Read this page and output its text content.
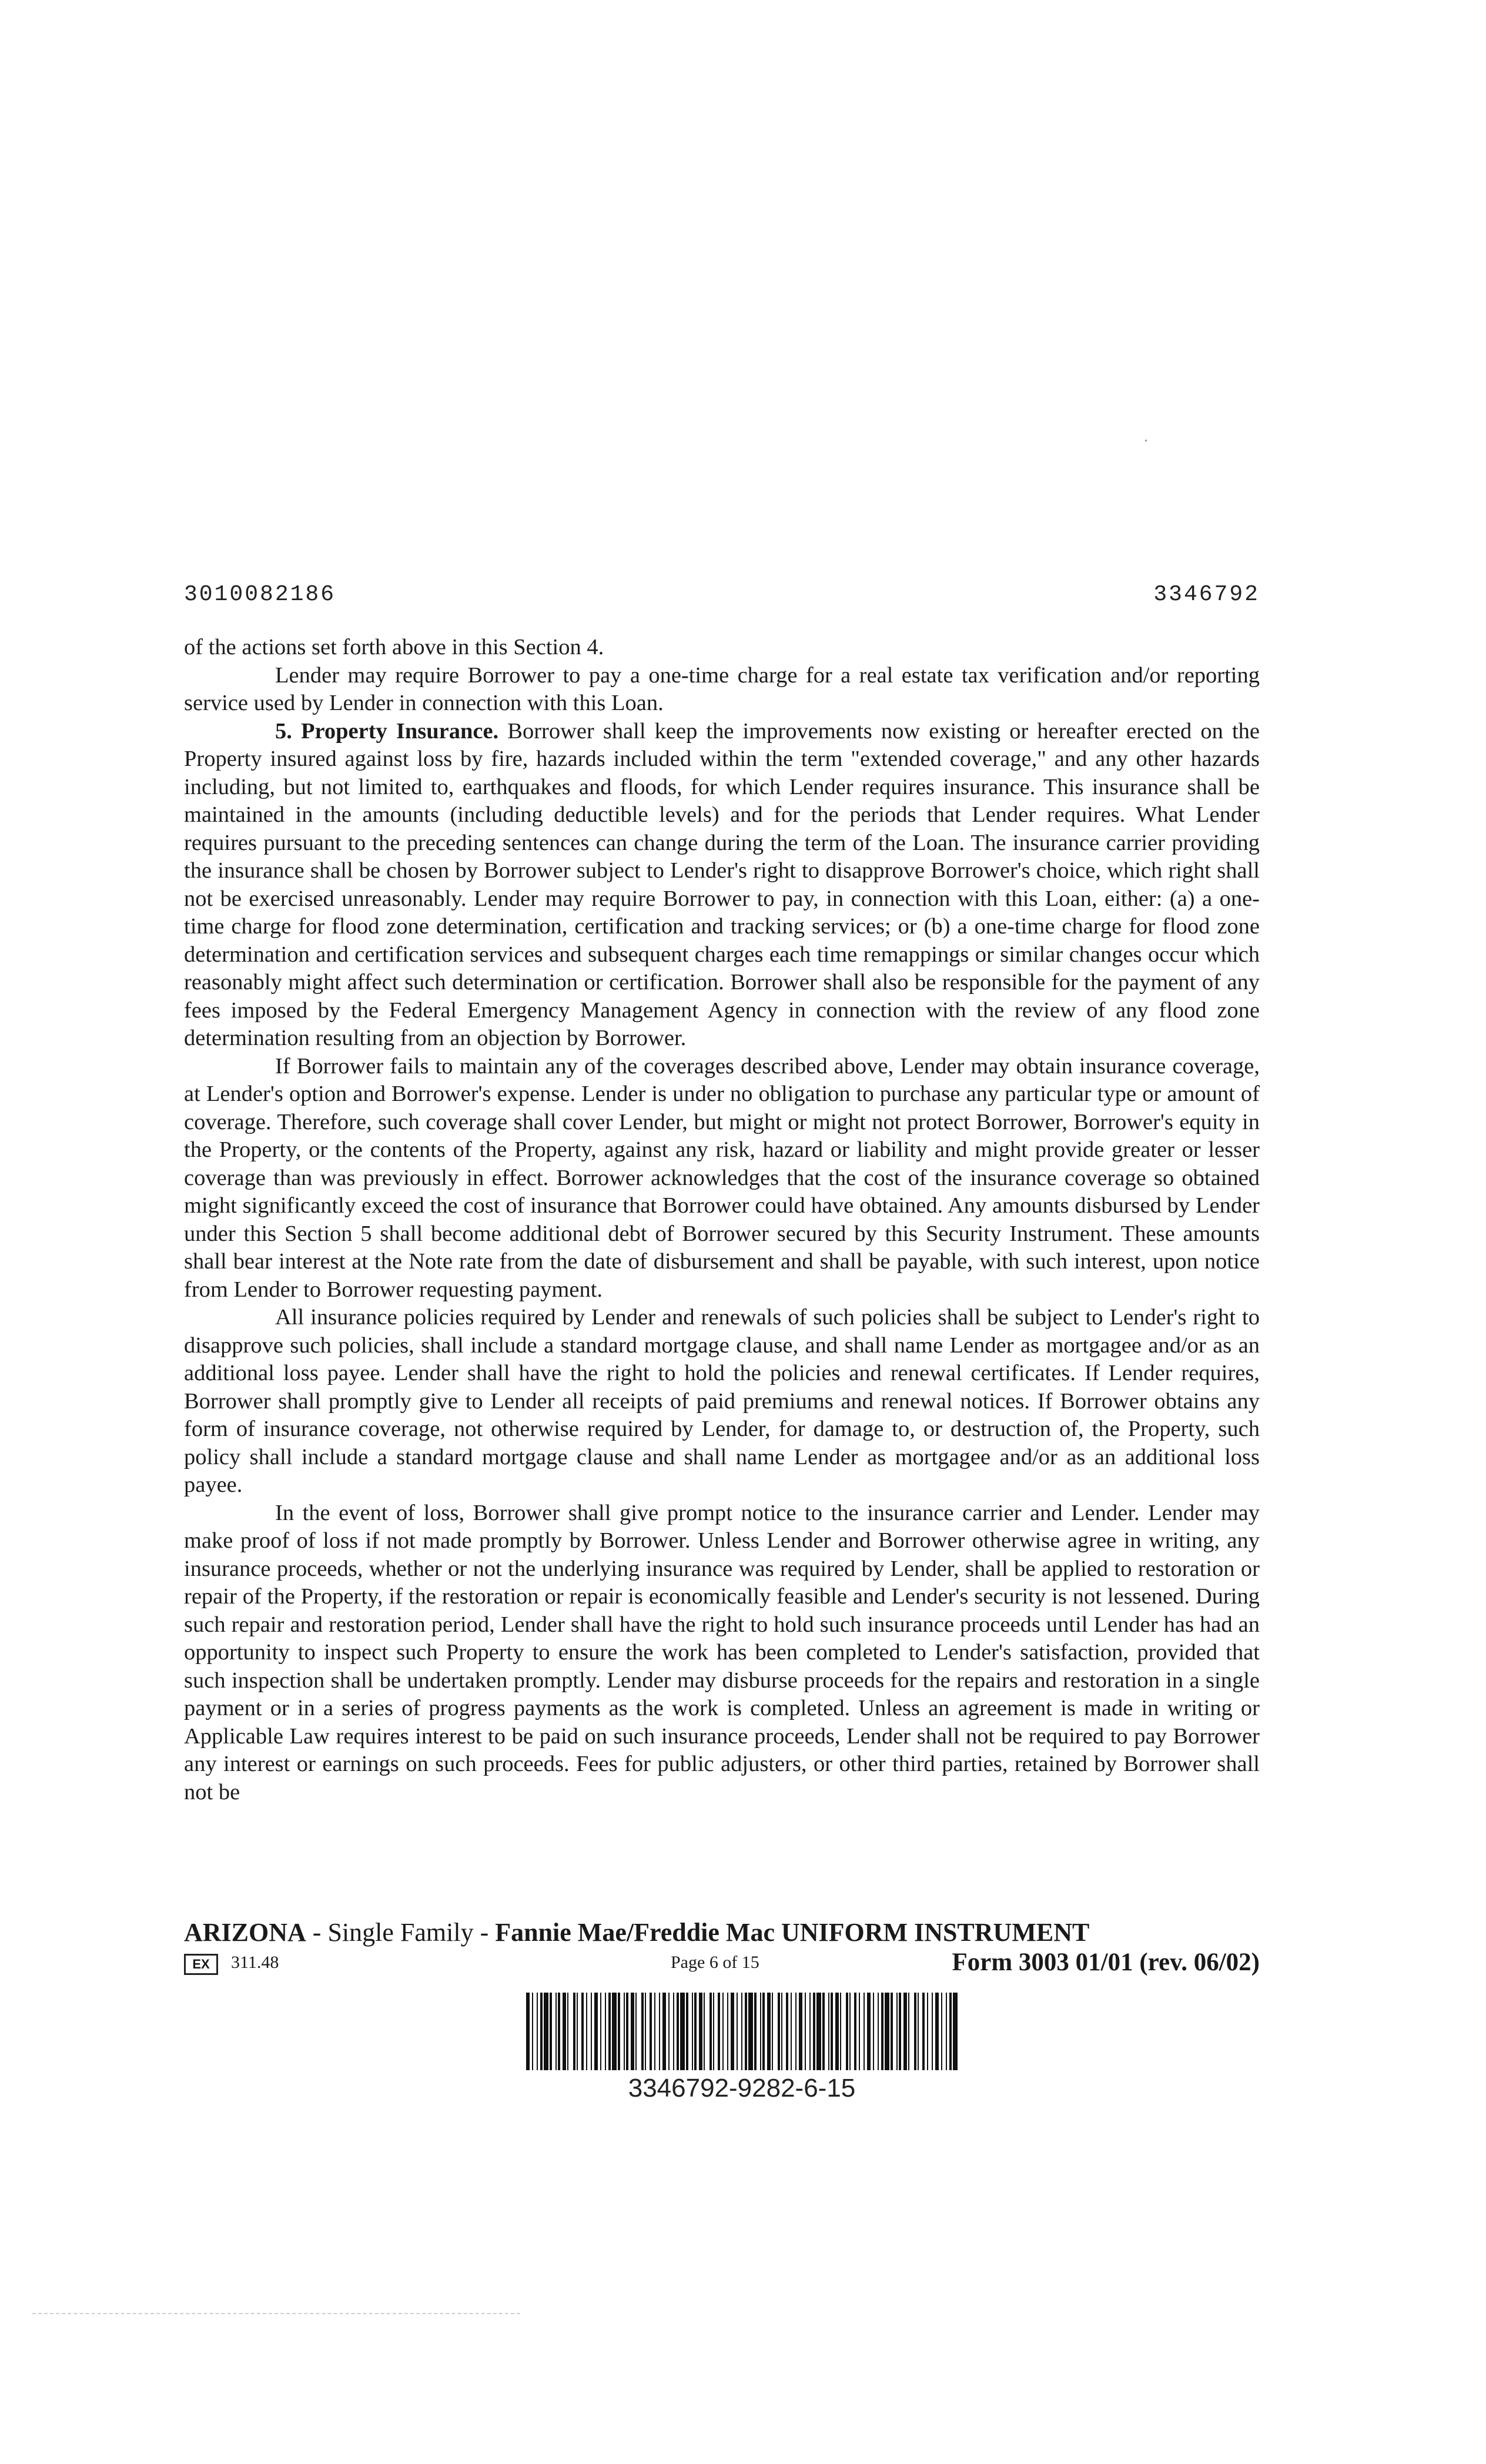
3010082186	3346792

of the actions set forth above in this Section 4.

Lender may require Borrower to pay a one-time charge for a real estate tax verification and/or reporting service used by Lender in connection with this Loan.

5. Property Insurance. Borrower shall keep the improvements now existing or hereafter erected on the Property insured against loss by fire, hazards included within the term "extended coverage," and any other hazards including, but not limited to, earthquakes and floods, for which Lender requires insurance. This insurance shall be maintained in the amounts (including deductible levels) and for the periods that Lender requires. What Lender requires pursuant to the preceding sentences can change during the term of the Loan. The insurance carrier providing the insurance shall be chosen by Borrower subject to Lender's right to disapprove Borrower's choice, which right shall not be exercised unreasonably. Lender may require Borrower to pay, in connection with this Loan, either: (a) a one-time charge for flood zone determination, certification and tracking services; or (b) a one-time charge for flood zone determination and certification services and subsequent charges each time remappings or similar changes occur which reasonably might affect such determination or certification. Borrower shall also be responsible for the payment of any fees imposed by the Federal Emergency Management Agency in connection with the review of any flood zone determination resulting from an objection by Borrower.

If Borrower fails to maintain any of the coverages described above, Lender may obtain insurance coverage, at Lender's option and Borrower's expense. Lender is under no obligation to purchase any particular type or amount of coverage. Therefore, such coverage shall cover Lender, but might or might not protect Borrower, Borrower's equity in the Property, or the contents of the Property, against any risk, hazard or liability and might provide greater or lesser coverage than was previously in effect. Borrower acknowledges that the cost of the insurance coverage so obtained might significantly exceed the cost of insurance that Borrower could have obtained. Any amounts disbursed by Lender under this Section 5 shall become additional debt of Borrower secured by this Security Instrument. These amounts shall bear interest at the Note rate from the date of disbursement and shall be payable, with such interest, upon notice from Lender to Borrower requesting payment.

All insurance policies required by Lender and renewals of such policies shall be subject to Lender's right to disapprove such policies, shall include a standard mortgage clause, and shall name Lender as mortgagee and/or as an additional loss payee. Lender shall have the right to hold the policies and renewal certificates. If Lender requires, Borrower shall promptly give to Lender all receipts of paid premiums and renewal notices. If Borrower obtains any form of insurance coverage, not otherwise required by Lender, for damage to, or destruction of, the Property, such policy shall include a standard mortgage clause and shall name Lender as mortgagee and/or as an additional loss payee.

In the event of loss, Borrower shall give prompt notice to the insurance carrier and Lender. Lender may make proof of loss if not made promptly by Borrower. Unless Lender and Borrower otherwise agree in writing, any insurance proceeds, whether or not the underlying insurance was required by Lender, shall be applied to restoration or repair of the Property, if the restoration or repair is economically feasible and Lender's security is not lessened. During such repair and restoration period, Lender shall have the right to hold such insurance proceeds until Lender has had an opportunity to inspect such Property to ensure the work has been completed to Lender's satisfaction, provided that such inspection shall be undertaken promptly. Lender may disburse proceeds for the repairs and restoration in a single payment or in a series of progress payments as the work is completed. Unless an agreement is made in writing or Applicable Law requires interest to be paid on such insurance proceeds, Lender shall not be required to pay Borrower any interest or earnings on such proceeds. Fees for public adjusters, or other third parties, retained by Borrower shall not be

ARIZONA - Single Family - Fannie Mae/Freddie Mac UNIFORM INSTRUMENT
EX	311.48	Page 6 of 15	Form 3003 01/01 (rev. 06/02)
3346792-9282-6-15
